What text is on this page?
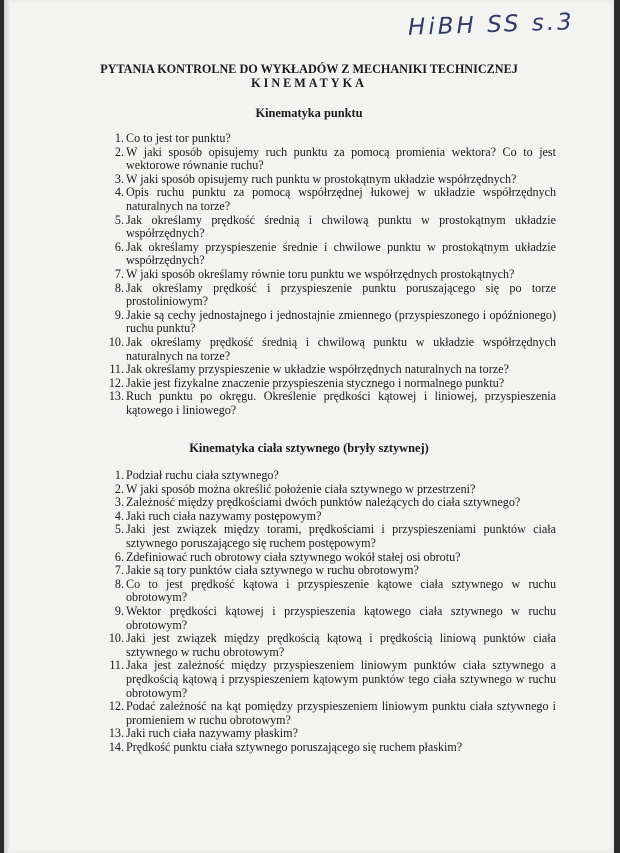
HiBH SS s.3
PYTANIA KONTROLNE DO WYKŁADÓW Z MECHANIKI TECHNICZNEJ
KINEMATYKA
Kinematyka punktu

1. Co to jest tor punktu?

2. W jaki sposób opisujemy ruch punktu za pomocą promienia wektora? Co to jest wektorowe równanie ruchu?

3. W jaki sposób opisujemy ruch punktu w prostokątnym układzie współrzędnych?

4. Opis ruchu punktu za pomocą współrzędnej łukowej w układzie współrzędnych naturalnych na torze?

5. Jak określamy prędkość średnią i chwilową punktu w prostokątnym układzie współrzędnych?

6. Jak określamy przyspieszenie średnie i chwilowe punktu w prostokątnym układzie współrzędnych?

7. W jaki sposób określamy równie toru punktu we współrzędnych prostokątnych?

8. Jak określamy prędkość i przyspieszenie punktu poruszającego się po torze prostoliniowym?

9. Jakie są cechy jednostajnego i jednostajnie zmiennego (przyspieszonego i opóźnionego) ruchu punktu?

10. Jak określamy prędkość średnią i chwilową punktu w układzie współrzędnych naturalnych na torze?

11. Jak określamy przyspieszenie w układzie współrzędnych naturalnych na torze?

12. Jakie jest fizykalne znaczenie przyspieszenia stycznego i normalnego punktu?

13. Ruch punktu po okręgu. Określenie prędkości kątowej i liniowej, przyspieszenia kątowego i liniowego?

Kinematyka ciała sztywnego (bryły sztywnej)

1. Podział ruchu ciała sztywnego?

2. W jaki sposób można określić położenie ciała sztywnego w przestrzeni?

3. Zależność między prędkościami dwóch punktów należących do ciała sztywnego?

4. Jaki ruch ciała nazywamy postępowym?

5. Jaki jest związek między torami, prędkościami i przyspieszeniami punktów ciała sztywnego poruszającego się ruchem postępowym?

6. Zdefiniować ruch obrotowy ciała sztywnego wokół stałej osi obrotu?

7. Jakie są tory punktów ciała sztywnego w ruchu obrotowym?

8. Co to jest prędkość kątowa i przyspieszenie kątowe ciała sztywnego w ruchu obrotowym?

9. Wektor prędkości kątowej i przyspieszenia kątowego ciała sztywnego w ruchu obrotowym?

10. Jaki jest związek między prędkością kątową i prędkością liniową punktów ciała sztywnego w ruchu obrotowym?

11. Jaka jest zależność między przyspieszeniem liniowym punktów ciała sztywnego a prędkością kątową i przyspieszeniem kątowym punktów tego ciała sztywnego w ruchu obrotowym?

12. Podać zależność na kąt pomiędzy przyspieszeniem liniowym punktu ciała sztywnego i promieniem w ruchu obrotowym?

13. Jaki ruch ciała nazywamy płaskim?

14. Prędkość punktu ciała sztywnego poruszającego się ruchem płaskim?
